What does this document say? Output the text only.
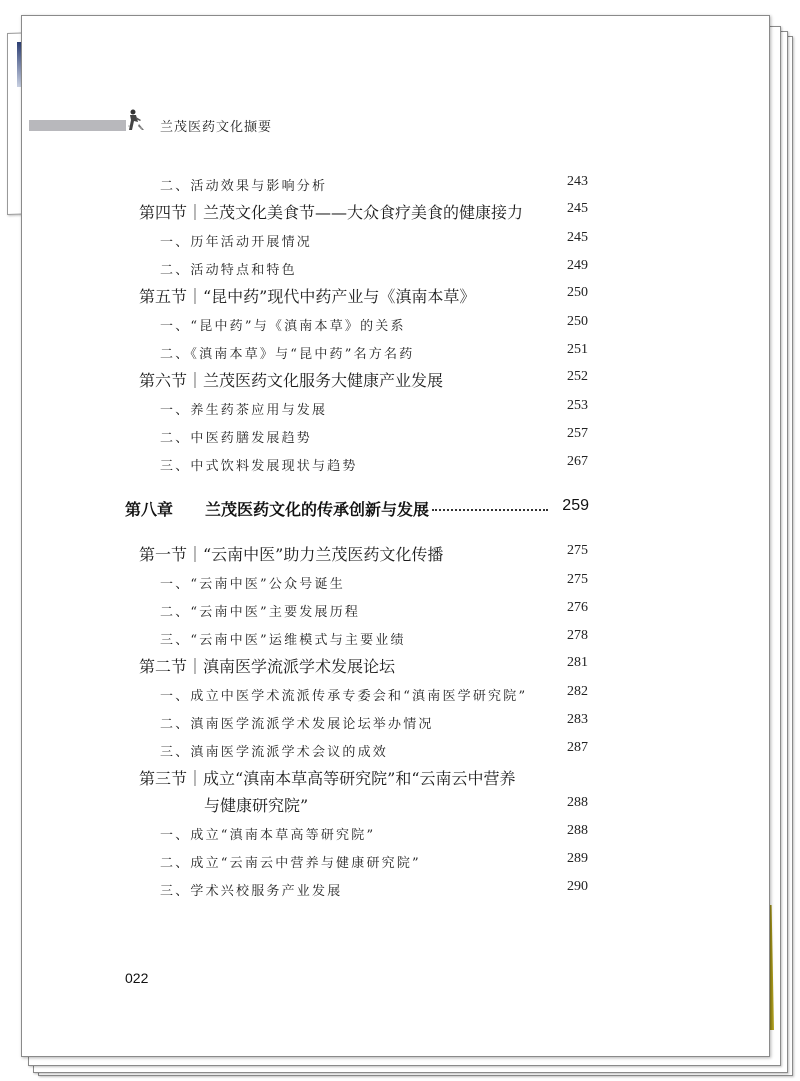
兰茂医药文化撷要
二、活动效果与影响分析	243
第四节｜兰茂文化美食节——大众食疗美食的健康接力	245
一、历年活动开展情况	245
二、活动特点和特色	249
第五节｜“昆中药”现代中药产业与《滇南本草》	250
一、“昆中药”与《滇南本草》的关系	250
二、《滇南本草》与“昆中药”名方名药	251
第六节｜兰茂医药文化服务大健康产业发展	252
一、养生药茶应用与发展	253
二、中医药膳发展趋势	257
三、中式饮料发展现状与趋势	267
第八章 兰茂医药文化的传承创新与发展	259
第一节｜“云南中医”助力兰茂医药文化传播	275
一、“云南中医”公众号诞生	275
二、“云南中医”主要发展历程	276
三、“云南中医”运维模式与主要业绩	278
第二节｜滇南医学流派学术发展论坛	281
一、成立中医学术流派传承专委会和“滇南医学研究院”	282
二、滇南医学流派学术发展论坛举办情况	283
三、滇南医学流派学术会议的成效	287
第三节｜成立“滇南本草高等研究院”和“云南云中营养
与健康研究院”	288
一、成立“滇南本草高等研究院”	288
二、成立“云南云中营养与健康研究院”	289
三、学术兴校服务产业发展	290
022
